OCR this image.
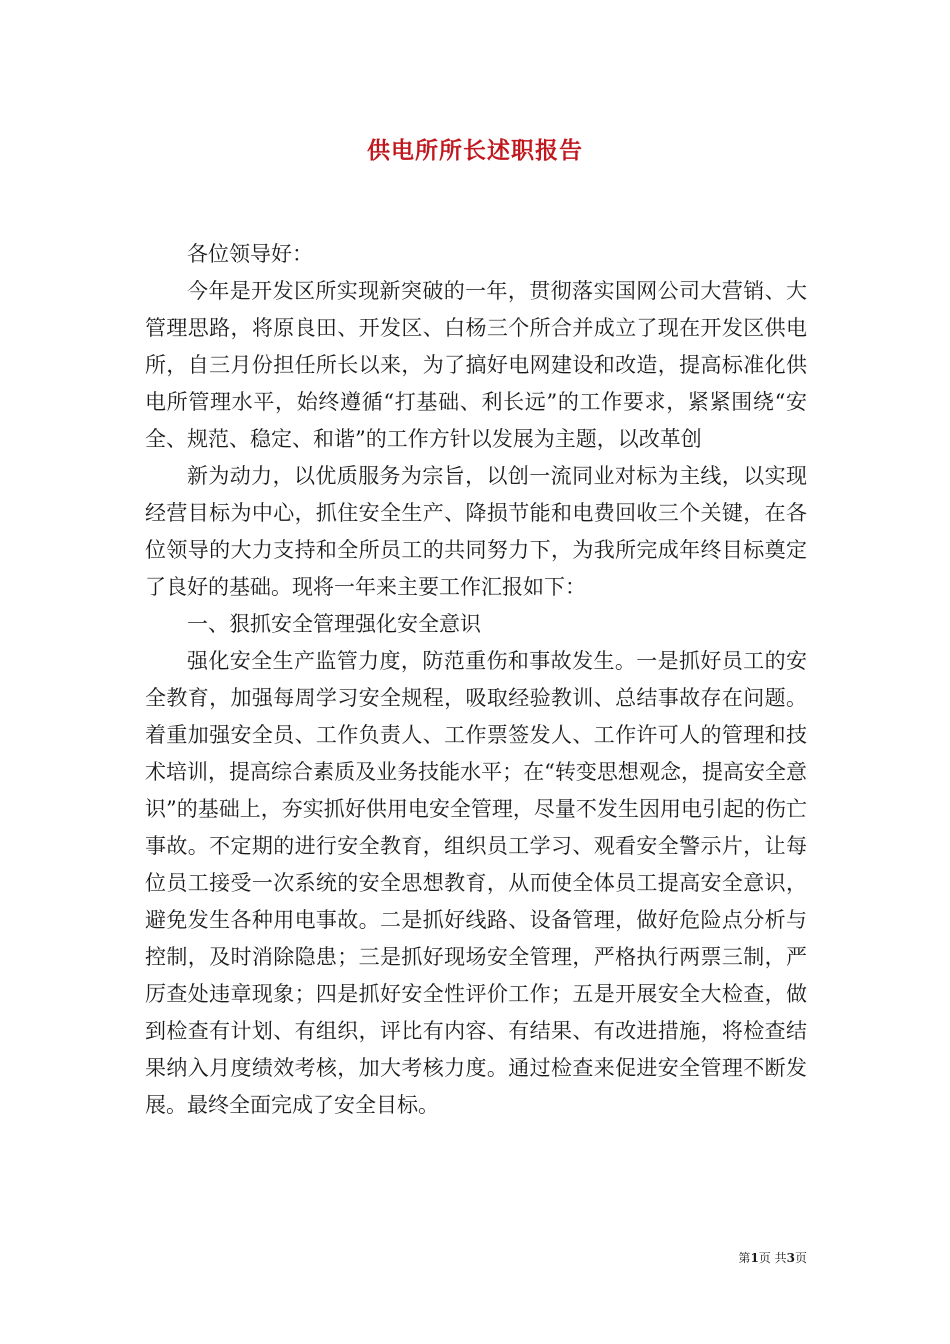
供电所所长述职报告

各位领导好：

今年是开发区所实现新突破的一年，贯彻落实国网公司大营销、大管理思路，将原良田、开发区、白杨三个所合并成立了现在开发区供电所，自三月份担任所长以来，为了搞好电网建设和改造，提高标准化供电所管理水平，始终遵循“打基础、利长远”的工作要求，紧紧围绕“安全、规范、稳定、和谐”的工作方针以发展为主题，以改革创

新为动力，以优质服务为宗旨，以创一流同业对标为主线，以实现经营目标为中心，抓住安全生产、降损节能和电费回收三个关键，在各位领导的大力支持和全所员工的共同努力下，为我所完成年终目标奠定了良好的基础。现将一年来主要工作汇报如下：

一、狠抓安全管理强化安全意识

强化安全生产监管力度，防范重伤和事故发生。一是抓好员工的安全教育，加强每周学习安全规程，吸取经验教训、总结事故存在问题。着重加强安全员、工作负责人、工作票签发人、工作许可人的管理和技术培训，提高综合素质及业务技能水平；在“转变思想观念，提高安全意识”的基础上，夯实抓好供用电安全管理，尽量不发生因用电引起的伤亡事故。不定期的进行安全教育，组织员工学习、观看安全警示片，让每位员工接受一次系统的安全思想教育，从而使全体员工提高安全意识，避免发生各种用电事故。二是抓好线路、设备管理，做好危险点分析与控制，及时消除隐患；三是抓好现场安全管理，严格执行两票三制，严厉查处违章现象；四是抓好安全性评价工作；五是开展安全大检查，做到检查有计划、有组织，评比有内容、有结果、有改进措施，将检查结果纳入月度绩效考核，加大考核力度。通过检查来促进安全管理不断发展。最终全面完成了安全目标。

第1页 共3页
